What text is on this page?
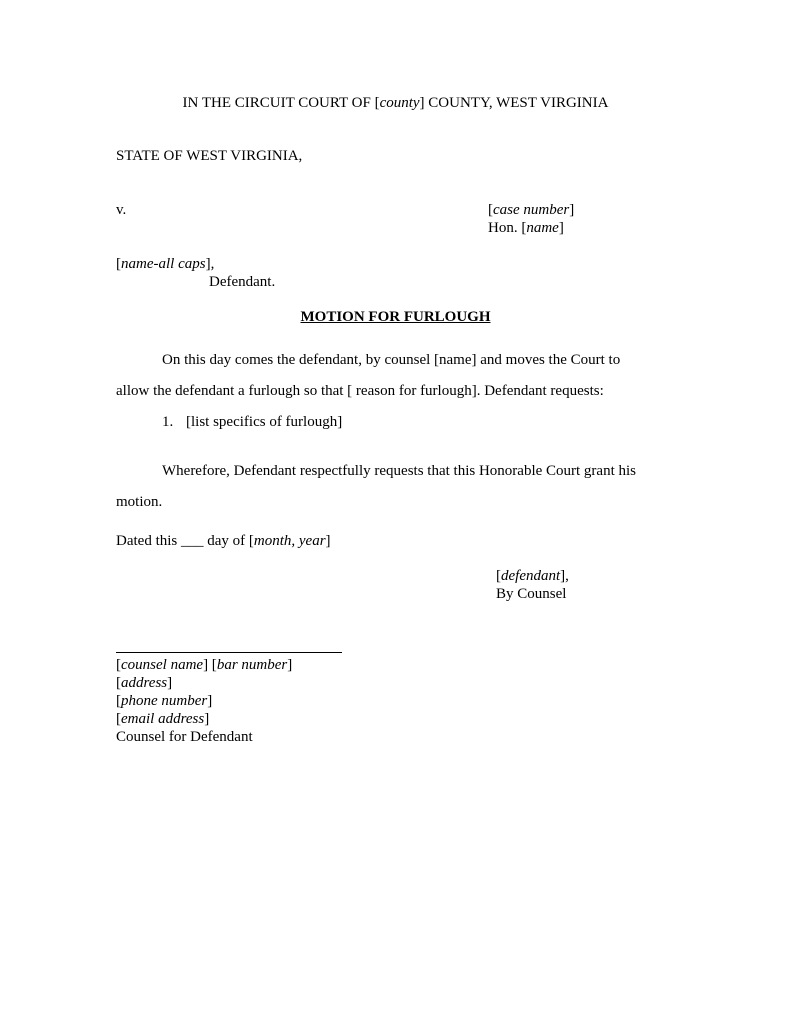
IN THE CIRCUIT COURT OF [county] COUNTY, WEST VIRGINIA
STATE OF WEST VIRGINIA,
v.	[case number]
Hon. [name]
[name-all caps],
Defendant.
MOTION FOR FURLOUGH
On this day comes the defendant, by counsel [name] and moves the Court to
allow the defendant a furlough so that [ reason for furlough]. Defendant requests:
1. [list specifics of furlough]
Wherefore, Defendant respectfully requests that this Honorable Court grant his
motion.
Dated this ___ day of [month, year]
[defendant],
By Counsel
[counsel name] [bar number]
[address]
[phone number]
[email address]
Counsel for Defendant
